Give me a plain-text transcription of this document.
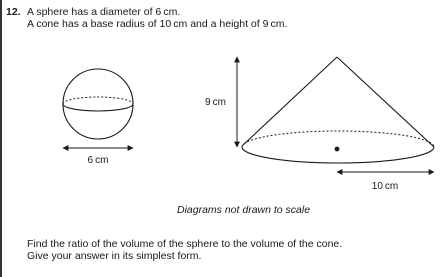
12. A sphere has a diameter of 6 cm.
A cone has a base radius of 10 cm and a height of 9 cm.
6 cm
9 cm
10 cm
Diagrams not drawn to scale
Find the ratio of the volume of the sphere to the volume of the cone.
Give your answer in its simplest form.
